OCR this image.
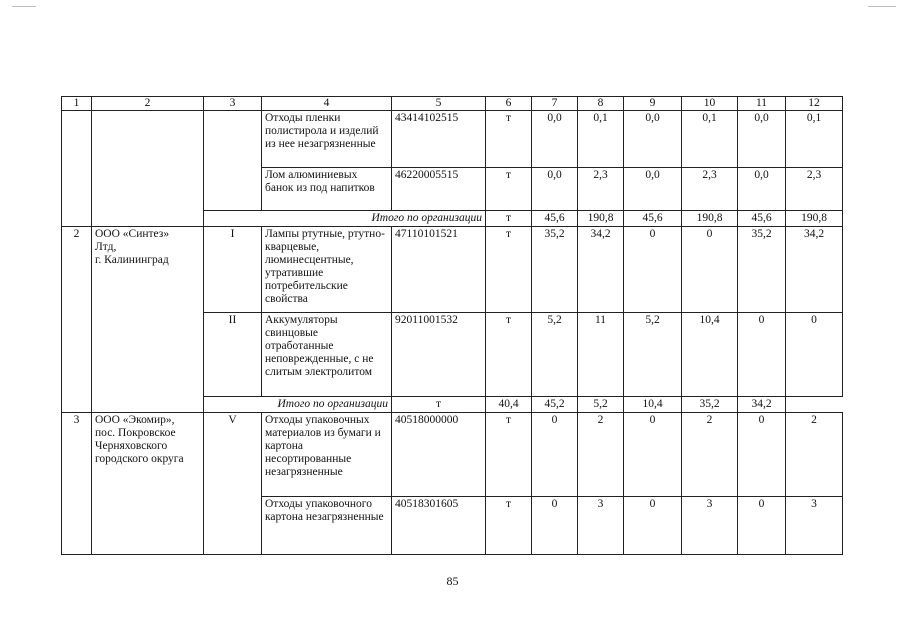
1	2	3	4	5	6	7	8	9	10	11	12
			Отходы пленки полистирола и изделий из нее незагрязненные	43414102515	т	0,0	0,1	0,0	0,1	0,0	0,1
			Лом алюминиевых банок из под напитков	46220005515	т	0,0	2,3	0,0	2,3	0,0	2,3
		Итого по организации			т	45,6	190,8	45,6	190,8	45,6	190,8
2	ООО «Синтез»
Лтд,
г. Калининград	I	Лампы ртутные, ртутно-кварцевые, люминесцентные, утратившие потребительские свойства	47110101521	т	35,2	34,2	0	0	35,2	34,2
		II	Аккумуляторы свинцовые отработанные неповрежденные, с не слитым электролитом	92011001532	т	5,2	11	5,2	10,4	0	0
		Итого по организации		т	40,4	45,2	5,2	10,4	35,2	34,2	
3	ООО «Экомир»,
пос. Покровское
Черняховского
городского округа	V	Отходы упаковочных материалов из бумаги и картона несортированные незагрязненные	40518000000	т	0	2	0	2	0	2
			Отходы упаковочного картона незагрязненные	40518301605	т	0	3	0	3	0	3
85
